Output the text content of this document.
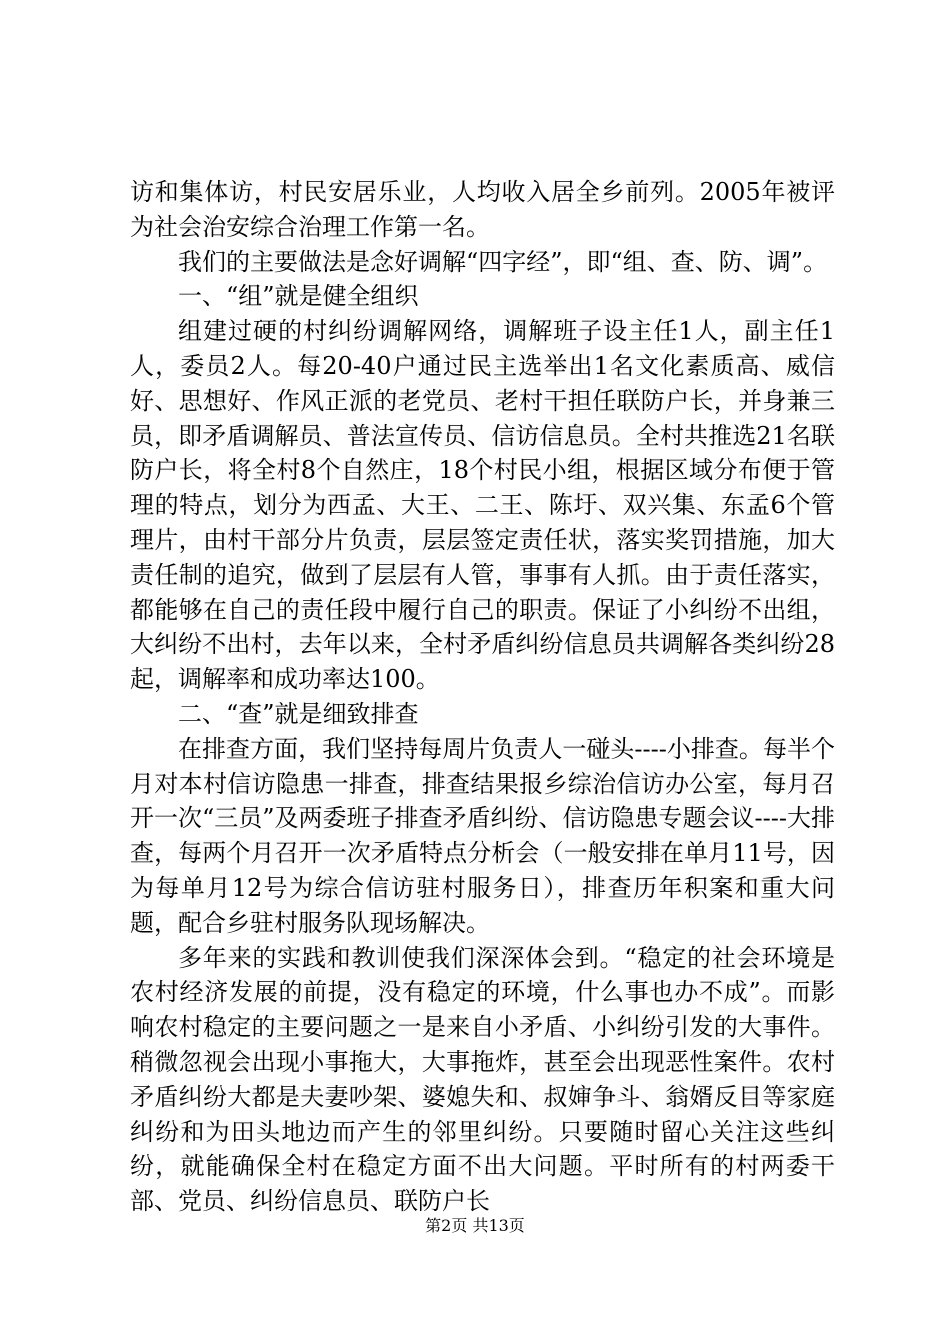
访和集体访，村民安居乐业，人均收入居全乡前列。2005年被评为社会治安综合治理工作第一名。

我们的主要做法是念好调解“四字经”，即“组、查、防、调”。

一、“组”就是健全组织

组建过硬的村纠纷调解网络，调解班子设主任1人，副主任1人，委员2人。每20-40户通过民主选举出1名文化素质高、威信好、思想好、作风正派的老党员、老村干担任联防户长，并身兼三员，即矛盾调解员、普法宣传员、信访信息员。全村共推选21名联防户长，将全村8个自然庄，18个村民小组，根据区域分布便于管理的特点，划分为西孟、大王、二王、陈圩、双兴集、东孟6个管理片，由村干部分片负责，层层签定责任状，落实奖罚措施，加大责任制的追究，做到了层层有人管，事事有人抓。由于责任落实，都能够在自己的责任段中履行自己的职责。保证了小纠纷不出组，大纠纷不出村，去年以来，全村矛盾纠纷信息员共调解各类纠纷28起，调解率和成功率达100。

二、“查”就是细致排查

在排查方面，我们坚持每周片负责人一碰头----小排查。每半个月对本村信访隐患一排查，排查结果报乡综治信访办公室，每月召开一次“三员”及两委班子排查矛盾纠纷、信访隐患专题会议----大排查，每两个月召开一次矛盾特点分析会（一般安排在单月11号，因为每单月12号为综合信访驻村服务日），排查历年积案和重大问题，配合乡驻村服务队现场解决。

多年来的实践和教训使我们深深体会到。“稳定的社会环境是农村经济发展的前提，没有稳定的环境，什么事也办不成”。而影响农村稳定的主要问题之一是来自小矛盾、小纠纷引发的大事件。稍微忽视会出现小事拖大，大事拖炸，甚至会出现恶性案件。农村矛盾纠纷大都是夫妻吵架、婆媳失和、叔婶争斗、翁婿反目等家庭纠纷和为田头地边而产生的邻里纠纷。只要随时留心关注这些纠纷，就能确保全村在稳定方面不出大问题。平时所有的村两委干部、党员、纠纷信息员、联防户长

第2页 共13页
